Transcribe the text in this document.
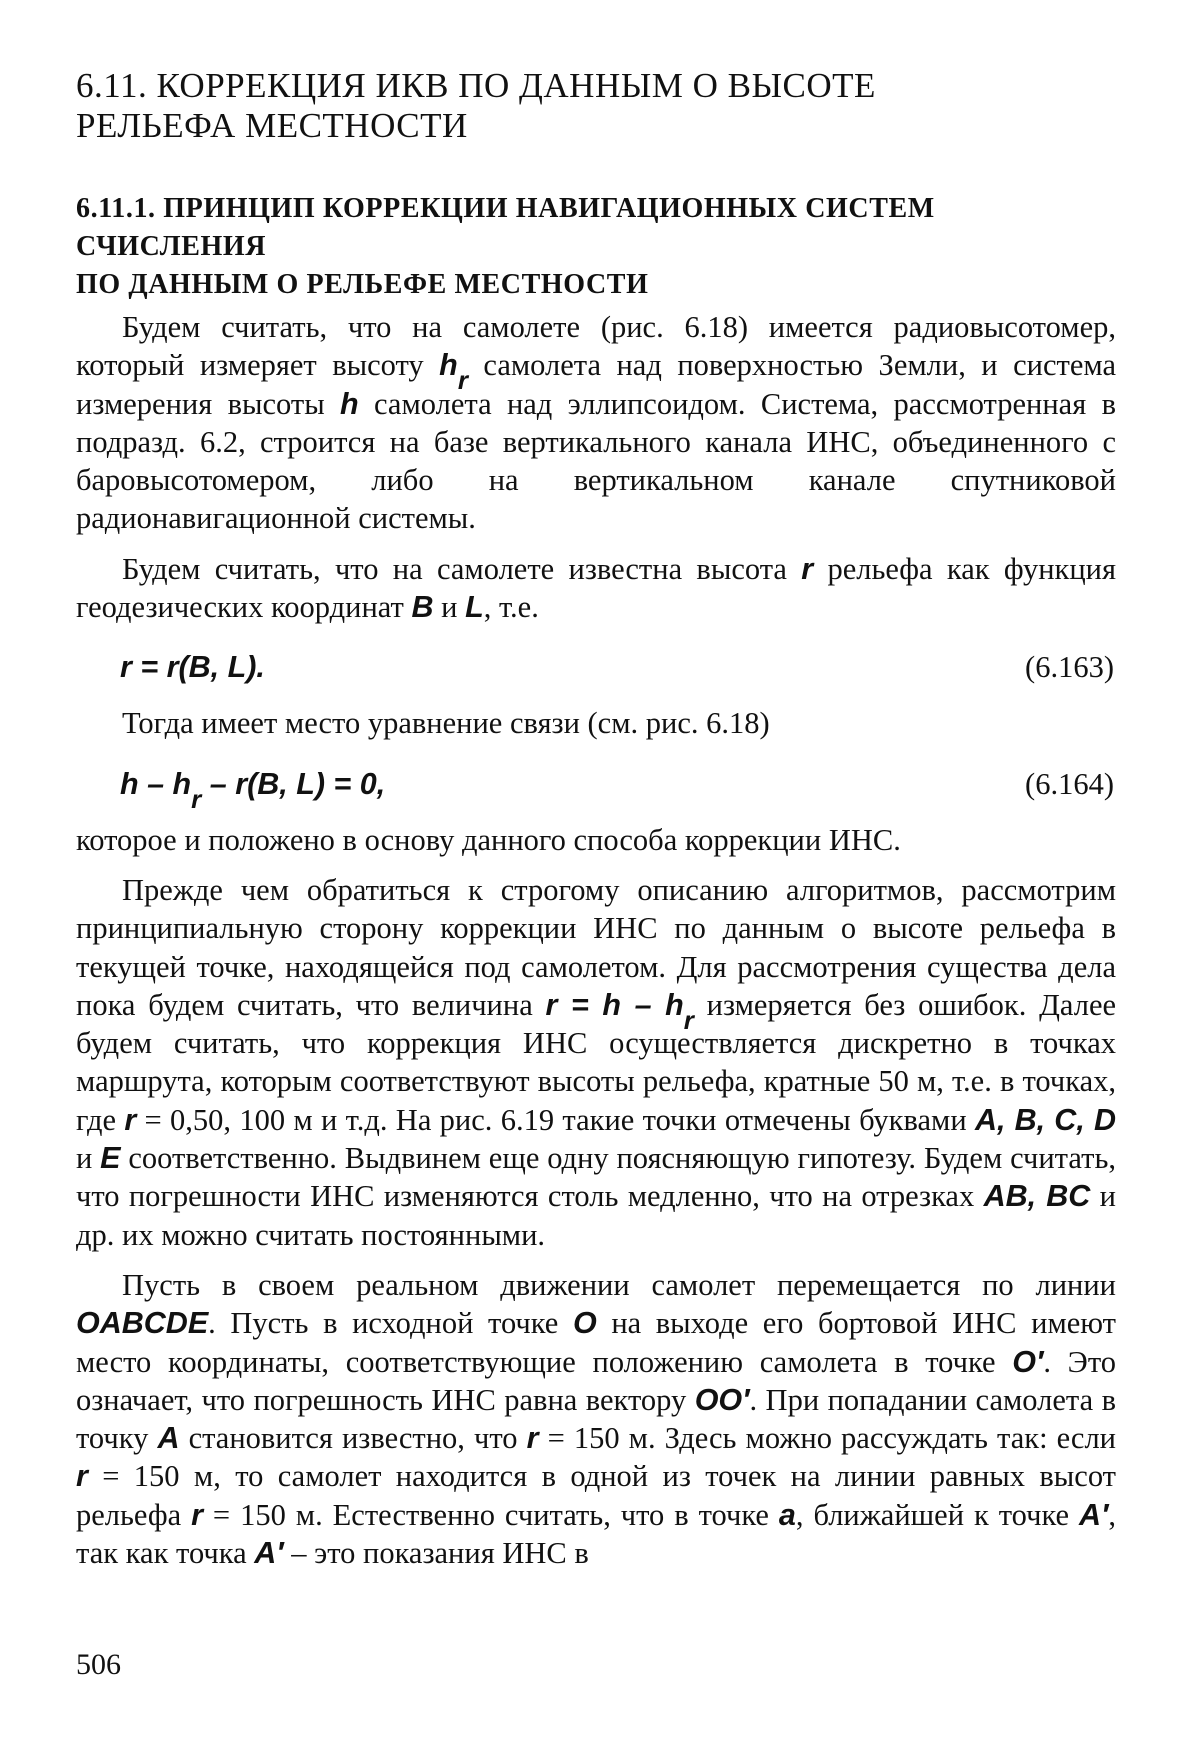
6.11. КОРРЕКЦИЯ ИКВ ПО ДАННЫМ О ВЫСОТЕ
РЕЛЬЕФА МЕСТНОСТИ
6.11.1. ПРИНЦИП КОРРЕКЦИИ НАВИГАЦИОННЫХ СИСТЕМ СЧИСЛЕНИЯ
ПО ДАННЫМ О РЕЛЬЕФЕ МЕСТНОСТИ

Будем считать, что на самолете (рис. 6.18) имеется радиовысотомер, который измеряет высоту hr самолета над поверхностью Земли, и система измерения высоты h самолета над эллипсоидом. Система, рассмотренная в подразд. 6.2, строится на базе вертикального канала ИНС, объединенного с баровысотомером, либо на вертикальном канале спутниковой радионавигационной системы.

Будем считать, что на самолете известна высота r рельефа как функция геодезических координат B и L, т.е.

r = r(B, L).	(6.163)

Тогда имеет место уравнение связи (см. рис. 6.18)

h – hr – r(B, L) = 0,	(6.164)

которое и положено в основу данного способа коррекции ИНС.

Прежде чем обратиться к строгому описанию алгоритмов, рассмотрим принципиальную сторону коррекции ИНС по данным о высоте рельефа в текущей точке, находящейся под самолетом. Для рассмотрения существа дела пока будем считать, что величина r = h – hr измеряется без ошибок. Далее будем считать, что коррекция ИНС осуществляется дискретно в точках маршрута, которым соответствуют высоты рельефа, кратные 50 м, т.е. в точках, где r = 0,50, 100 м и т.д. На рис. 6.19 такие точки отмечены буквами A, B, C, D и E соответственно. Выдвинем еще одну поясняющую гипотезу. Будем считать, что погрешности ИНС изменяются столь медленно, что на отрезках AB, BC и др. их можно считать постоянными.

Пусть в своем реальном движении самолет перемещается по линии OABCDE. Пусть в исходной точке O на выходе его бортовой ИНС имеют место координаты, соответствующие положению самолета в точке O′. Это означает, что погрешность ИНС равна вектору OO′. При попадании самолета в точку A становится известно, что r = 150 м. Здесь можно рассуждать так: если r = 150 м, то самолет находится в одной из точек на линии равных высот рельефа r = 150 м. Естественно считать, что в точке a, ближайшей к точке A′, так как точка A′ – это показания ИНС в

506
